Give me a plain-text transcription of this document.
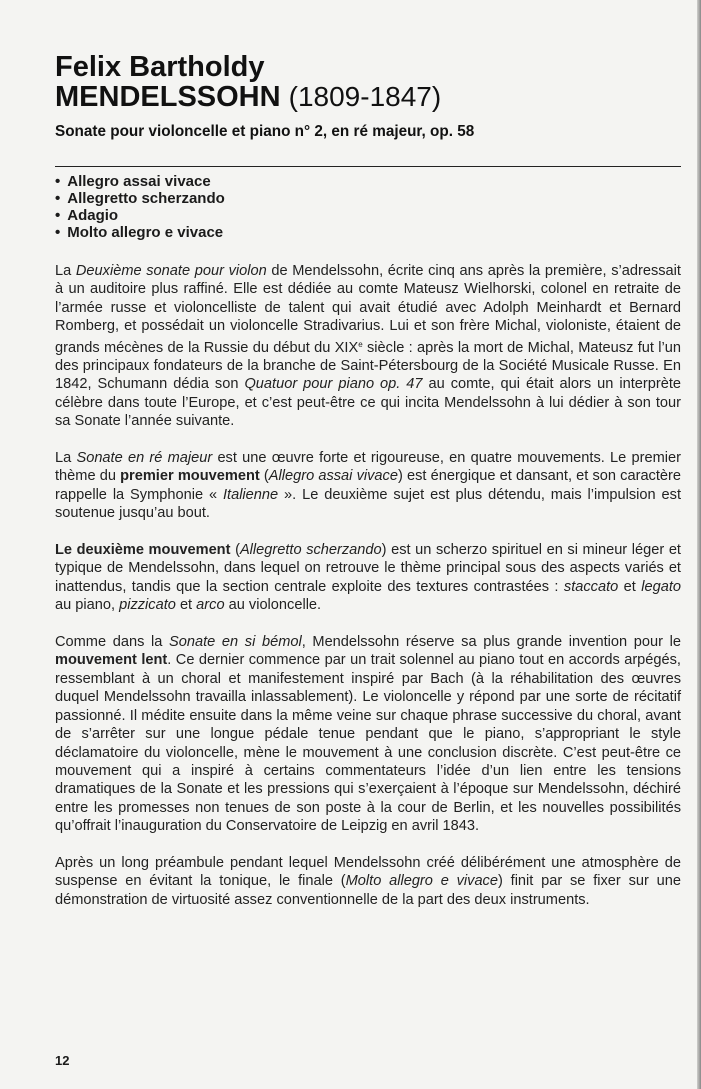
Felix Bartholdy
MENDELSSOHN (1809-1847)
Sonate pour violoncelle et piano n° 2, en ré majeur, op. 58
• Allegro assai vivace
• Allegretto scherzando
• Adagio
• Molto allegro e vivace

La Deuxième sonate pour violon de Mendelssohn, écrite cinq ans après la première, s’adressait à un auditoire plus raffiné. Elle est dédiée au comte Mateusz Wielhorski, colonel en retraite de l’armée russe et violoncelliste de talent qui avait étudié avec Adolph Meinhardt et Bernard Romberg, et possédait un violoncelle Stradivarius. Lui et son frère Michal, violoniste, étaient de grands mécènes de la Russie du début du XIXe siècle : après la mort de Michal, Mateusz fut l’un des principaux fondateurs de la branche de Saint-Pétersbourg de la Société Musicale Russe. En 1842, Schumann dédia son Quatuor pour piano op. 47 au comte, qui était alors un interprète célèbre dans toute l’Europe, et c’est peut-être ce qui incita Mendelssohn à lui dédier à son tour sa Sonate l’année suivante.

La Sonate en ré majeur est une œuvre forte et rigoureuse, en quatre mouvements. Le premier thème du premier mouvement (Allegro assai vivace) est énergique et dansant, et son caractère rappelle la Symphonie « Italienne ». Le deuxième sujet est plus détendu, mais l’impulsion est soutenue jusqu’au bout.

Le deuxième mouvement (Allegretto scherzando) est un scherzo spirituel en si mineur léger et typique de Mendelssohn, dans lequel on retrouve le thème principal sous des aspects variés et inattendus, tandis que la section centrale exploite des textures contrastées : staccato et legato au piano, pizzicato et arco au violoncelle.

Comme dans la Sonate en si bémol, Mendelssohn réserve sa plus grande invention pour le mouvement lent. Ce dernier commence par un trait solennel au piano tout en accords arpégés, ressemblant à un choral et manifestement inspiré par Bach (à la réhabilitation des œuvres duquel Mendelssohn travailla inlassablement). Le violoncelle y répond par une sorte de récitatif passionné. Il médite ensuite dans la même veine sur chaque phrase successive du choral, avant de s’arrêter sur une longue pédale tenue pendant que le piano, s’appropriant le style déclamatoire du violoncelle, mène le mouvement à une conclusion discrète. C’est peut-être ce mouvement qui a inspiré à certains commentateurs l’idée d’un lien entre les tensions dramatiques de la Sonate et les pressions qui s’exerçaient à l’époque sur Mendelssohn, déchiré entre les promesses non tenues de son poste à la cour de Berlin, et les nouvelles possibilités qu’offrait l’inauguration du Conservatoire de Leipzig en avril 1843.

Après un long préambule pendant lequel Mendelssohn créé délibérément une atmosphère de suspense en évitant la tonique, le finale (Molto allegro e vivace) finit par se fixer sur une démonstration de virtuosité assez conventionnelle de la part des deux instruments.

12
